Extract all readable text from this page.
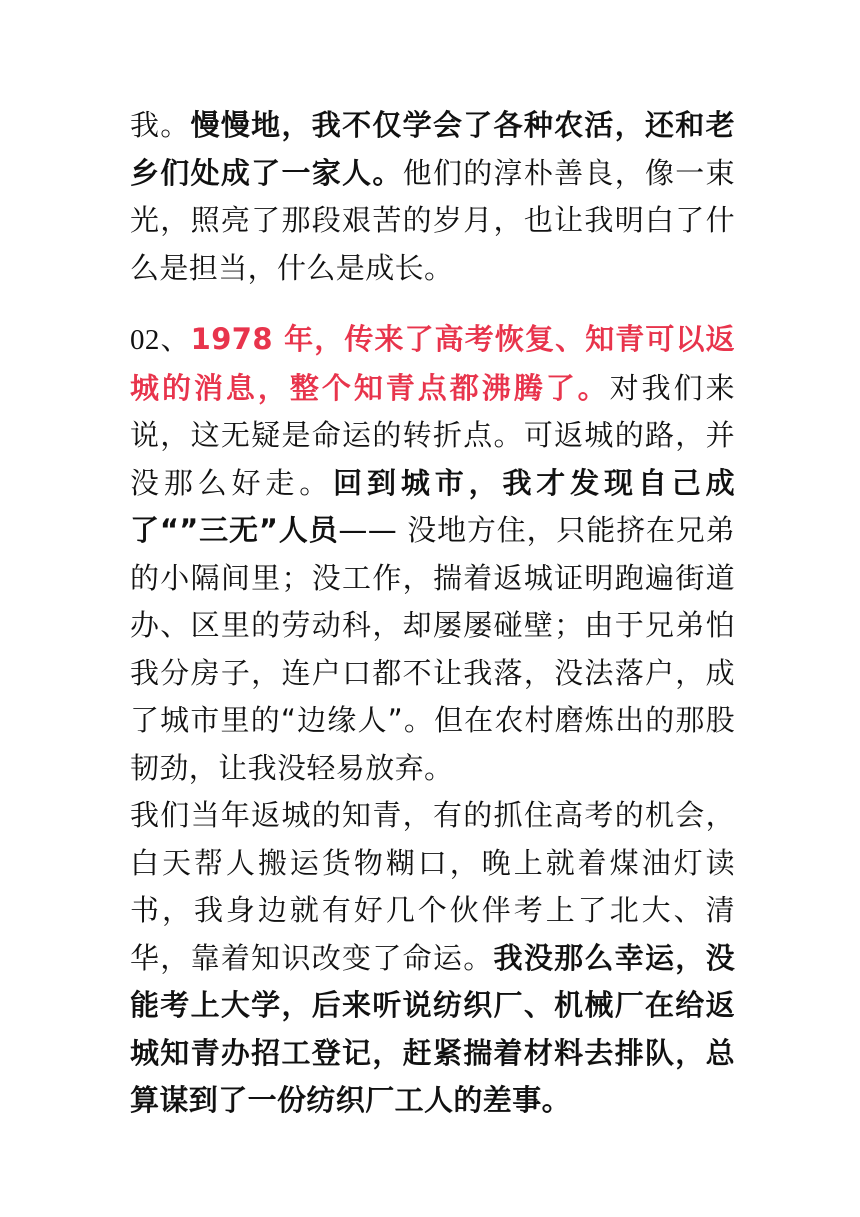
我。慢慢地，我不仅学会了各种农活，还和老乡们处成了一家人。他们的淳朴善良，像一束光，照亮了那段艰苦的岁月，也让我明白了什么是担当，什么是成长。

02、1978 年，传来了高考恢复、知青可以返城的消息，整个知青点都沸腾了。对我们来说，这无疑是命运的转折点。可返城的路，并没那么好走。回到城市，我才发现自己成了“”三无”人员—— 没地方住，只能挤在兄弟的小隔间里；没工作，揣着返城证明跑遍街道办、区里的劳动科，却屡屡碰壁；由于兄弟怕我分房子，连户口都不让我落，没法落户，成了城市里的“边缘人”。但在农村磨炼出的那股韧劲，让我没轻易放弃。

我们当年返城的知青，有的抓住高考的机会，白天帮人搬运货物糊口，晚上就着煤油灯读书，我身边就有好几个伙伴考上了北大、清华，靠着知识改变了命运。我没那么幸运，没能考上大学，后来听说纺织厂、机械厂在给返城知青办招工登记，赶紧揣着材料去排队，总算谋到了一份纺织厂工人的差事。
